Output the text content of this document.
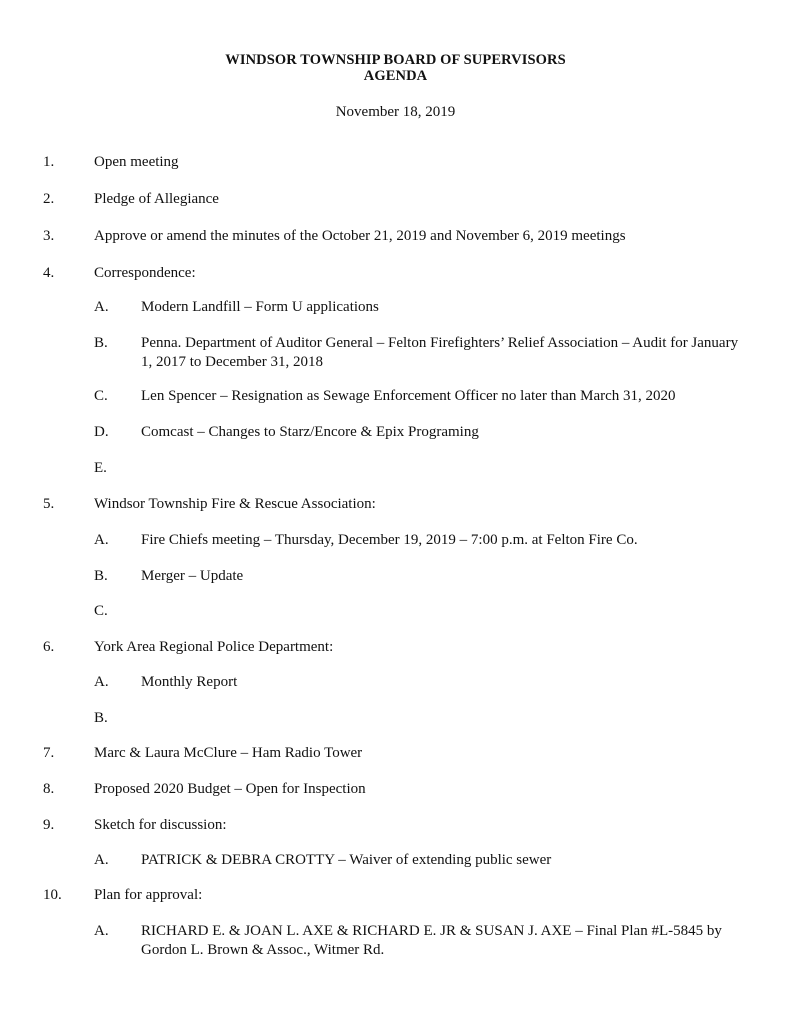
WINDSOR TOWNSHIP BOARD OF SUPERVISORS
AGENDA
November 18, 2019
1.	Open meeting
2.	Pledge of Allegiance
3.	Approve or amend the minutes of the October 21, 2019 and November 6, 2019 meetings
4.	Correspondence:
A. Modern Landfill – Form U applications
B. Penna. Department of Auditor General – Felton Firefighters’ Relief Association – Audit for January 1, 2017 to December 31, 2018
C. Len Spencer – Resignation as Sewage Enforcement Officer no later than March 31, 2020
D. Comcast – Changes to Starz/Encore & Epix Programing
E.
5.	Windsor Township Fire & Rescue Association:
A. Fire Chiefs meeting – Thursday, December 19, 2019 – 7:00 p.m. at Felton Fire Co.
B. Merger – Update
C.
6.	York Area Regional Police Department:
A. Monthly Report
B.
7.	Marc & Laura McClure – Ham Radio Tower
8.	Proposed 2020 Budget – Open for Inspection
9.	Sketch for discussion:
A. PATRICK & DEBRA CROTTY – Waiver of extending public sewer
10. Plan for approval:
A. RICHARD E. & JOAN L. AXE & RICHARD E. JR & SUSAN J. AXE – Final Plan #L-5845 by Gordon L. Brown & Assoc., Witmer Rd.
